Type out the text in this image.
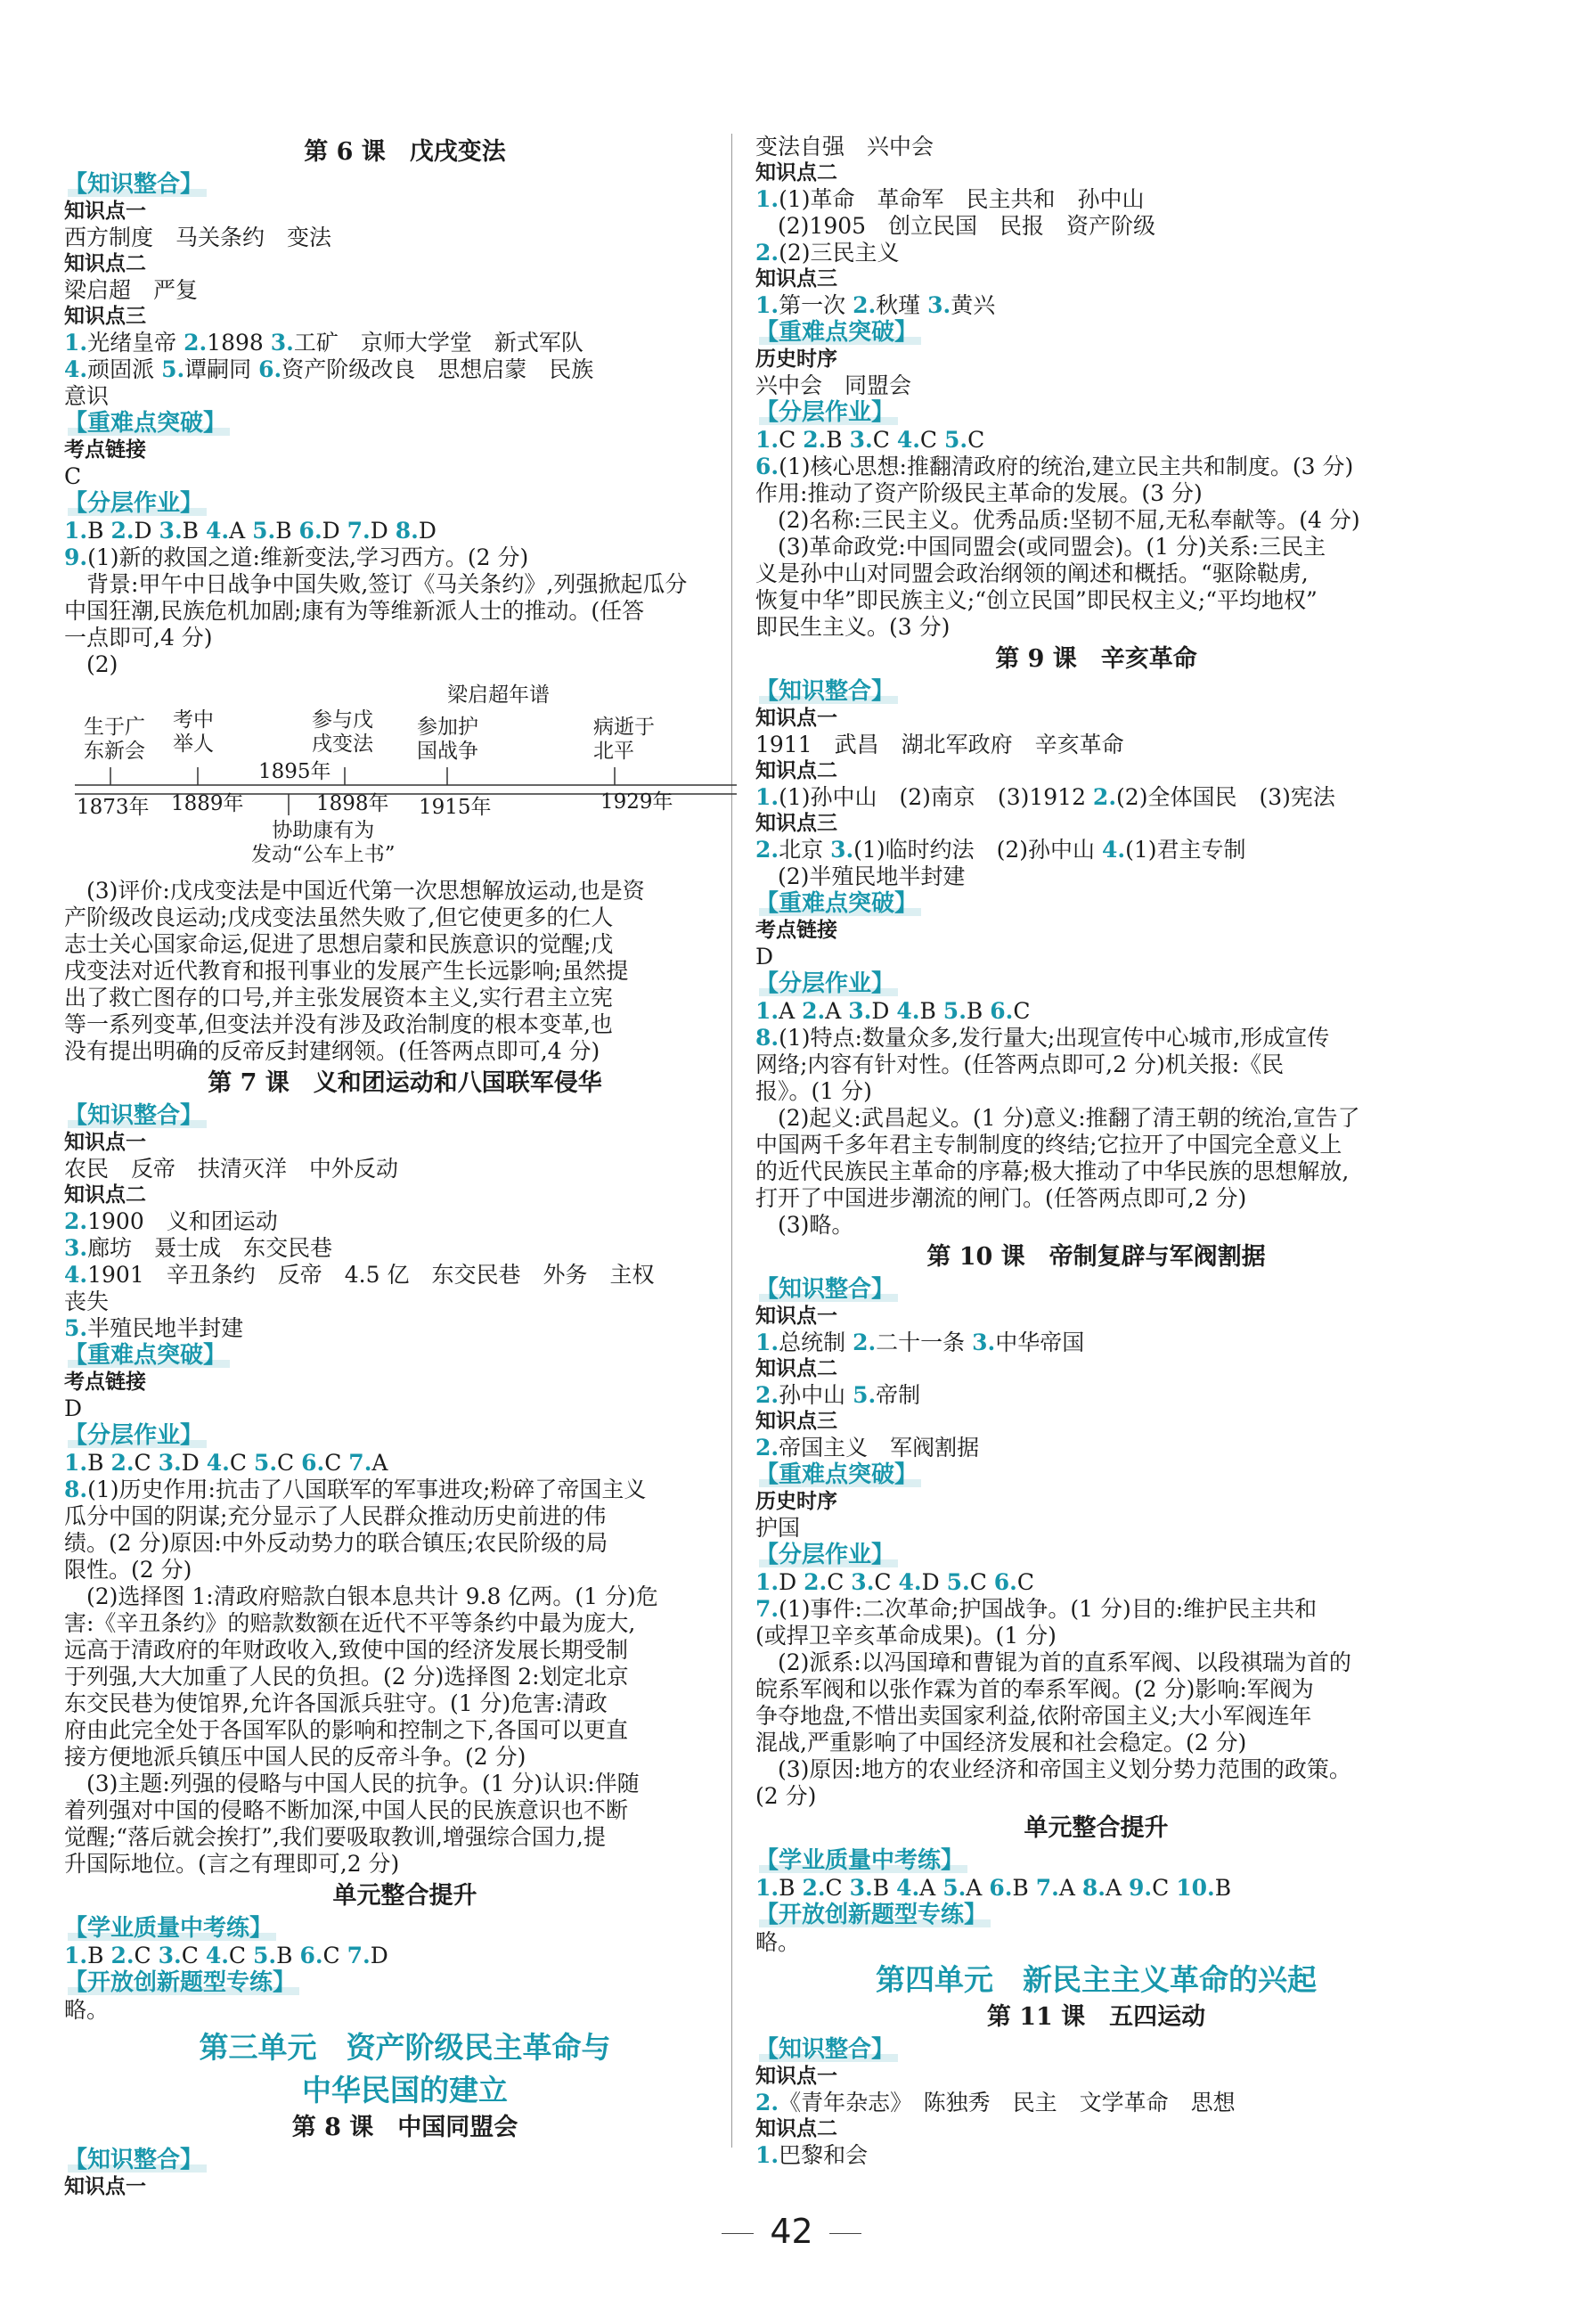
第 6 课　戊戌变法
【知识整合】
知识点一
西方制度　马关条约　变法
知识点二
梁启超　严复
知识点三
1.光绪皇帝 2.1898 3.工矿　京师大学堂　新式军队
4.顽固派 5.谭嗣同 6.资产阶级改良　思想启蒙　民族
意识
【重难点突破】
考点链接
C
【分层作业】
1.B 2.D 3.B 4.A 5.B 6.D 7.D 8.D
9.(1)新的救国之道:维新变法,学习西方。(2 分)
　背景:甲午中日战争中国失败,签订《马关条约》,列强掀起瓜分
中国狂潮,民族危机加剧;康有为等维新派人士的推动。(任答
一点即可,4 分)
　(2)
梁启超年谱
生于广
东新会
考中
举人
参与戊
戌变法
参加护
国战争
病逝于
北平
1873年 1889年
1895年
1898年 1915年	1929年
协助康有为
发动“公车上书”
　(3)评价:戊戌变法是中国近代第一次思想解放运动,也是资
产阶级改良运动;戊戌变法虽然失败了,但它使更多的仁人
志士关心国家命运,促进了思想启蒙和民族意识的觉醒;戊
戌变法对近代教育和报刊事业的发展产生长远影响;虽然提
出了救亡图存的口号,并主张发展资本主义,实行君主立宪
等一系列变革,但变法并没有涉及政治制度的根本变革,也
没有提出明确的反帝反封建纲领。(任答两点即可,4 分)
第 7 课　义和团运动和八国联军侵华
【知识整合】
知识点一
农民　反帝　扶清灭洋　中外反动
知识点二
2.1900　义和团运动
3.廊坊　聂士成　东交民巷
4.1901　辛丑条约　反帝　4.5 亿　东交民巷　外务　主权
丧失
5.半殖民地半封建
【重难点突破】
考点链接
D
【分层作业】
1.B 2.C 3.D 4.C 5.C 6.C 7.A
8.(1)历史作用:抗击了八国联军的军事进攻;粉碎了帝国主义
瓜分中国的阴谋;充分显示了人民群众推动历史前进的伟
绩。(2 分)原因:中外反动势力的联合镇压;农民阶级的局
限性。(2 分)
　(2)选择图 1:清政府赔款白银本息共计 9.8 亿两。(1 分)危
害:《辛丑条约》的赔款数额在近代不平等条约中最为庞大,
远高于清政府的年财政收入,致使中国的经济发展长期受制
于列强,大大加重了人民的负担。(2 分)选择图 2:划定北京
东交民巷为使馆界,允许各国派兵驻守。(1 分)危害:清政
府由此完全处于各国军队的影响和控制之下,各国可以更直
接方便地派兵镇压中国人民的反帝斗争。(2 分)
　(3)主题:列强的侵略与中国人民的抗争。(1 分)认识:伴随
着列强对中国的侵略不断加深,中国人民的民族意识也不断
觉醒;“落后就会挨打”,我们要吸取教训,增强综合国力,提
升国际地位。(言之有理即可,2 分)
单元整合提升
【学业质量中考练】
1.B 2.C 3.C 4.C 5.B 6.C 7.D
【开放创新题型专练】
略。
第三单元　资产阶级民主革命与
中华民国的建立
第 8 课　中国同盟会
【知识整合】
知识点一
变法自强　兴中会
知识点二
1.(1)革命　革命军　民主共和　孙中山
　(2)1905　创立民国　民报　资产阶级
2.(2)三民主义
知识点三
1.第一次 2.秋瑾 3.黄兴
【重难点突破】
历史时序
兴中会　同盟会
【分层作业】
1.C 2.B 3.C 4.C 5.C
6.(1)核心思想:推翻清政府的统治,建立民主共和制度。(3 分)
作用:推动了资产阶级民主革命的发展。(3 分)
　(2)名称:三民主义。优秀品质:坚韧不屈,无私奉献等。(4 分)
　(3)革命政党:中国同盟会(或同盟会)。(1 分)关系:三民主
义是孙中山对同盟会政治纲领的阐述和概括。“驱除鞑虏,
恢复中华”即民族主义;“创立民国”即民权主义;“平均地权”
即民生主义。(3 分)
第 9 课　辛亥革命
【知识整合】
知识点一
1911　武昌　湖北军政府　辛亥革命
知识点二
1.(1)孙中山　(2)南京　(3)1912 2.(2)全体国民　(3)宪法
知识点三
2.北京 3.(1)临时约法　(2)孙中山 4.(1)君主专制
　(2)半殖民地半封建
【重难点突破】
考点链接
D
【分层作业】
1.A 2.A 3.D 4.B 5.B 6.C
8.(1)特点:数量众多,发行量大;出现宣传中心城市,形成宣传
网络;内容有针对性。(任答两点即可,2 分)机关报:《民
报》。(1 分)
　(2)起义:武昌起义。(1 分)意义:推翻了清王朝的统治,宣告了
中国两千多年君主专制制度的终结;它拉开了中国完全意义上
的近代民族民主革命的序幕;极大推动了中华民族的思想解放,
打开了中国进步潮流的闸门。(任答两点即可,2 分)
　(3)略。
第 10 课　帝制复辟与军阀割据
【知识整合】
知识点一
1.总统制 2.二十一条 3.中华帝国
知识点二
2.孙中山 5.帝制
知识点三
2.帝国主义　军阀割据
【重难点突破】
历史时序
护国
【分层作业】
1.D 2.C 3.C 4.D 5.C 6.C
7.(1)事件:二次革命;护国战争。(1 分)目的:维护民主共和
(或捍卫辛亥革命成果)。(1 分)
　(2)派系:以冯国璋和曹锟为首的直系军阀、以段祺瑞为首的
皖系军阀和以张作霖为首的奉系军阀。(2 分)影响:军阀为
争夺地盘,不惜出卖国家利益,依附帝国主义;大小军阀连年
混战,严重影响了中国经济发展和社会稳定。(2 分)
　(3)原因:地方的农业经济和帝国主义划分势力范围的政策。
(2 分)
单元整合提升
【学业质量中考练】
1.B 2.C 3.B 4.A 5.A 6.B 7.A 8.A 9.C 10.B
【开放创新题型专练】
略。
第四单元　新民主主义革命的兴起
第 11 课　五四运动
【知识整合】
知识点一
2.《青年杂志》　陈独秀　民主　文学革命　思想
知识点二
1.巴黎和会
42
